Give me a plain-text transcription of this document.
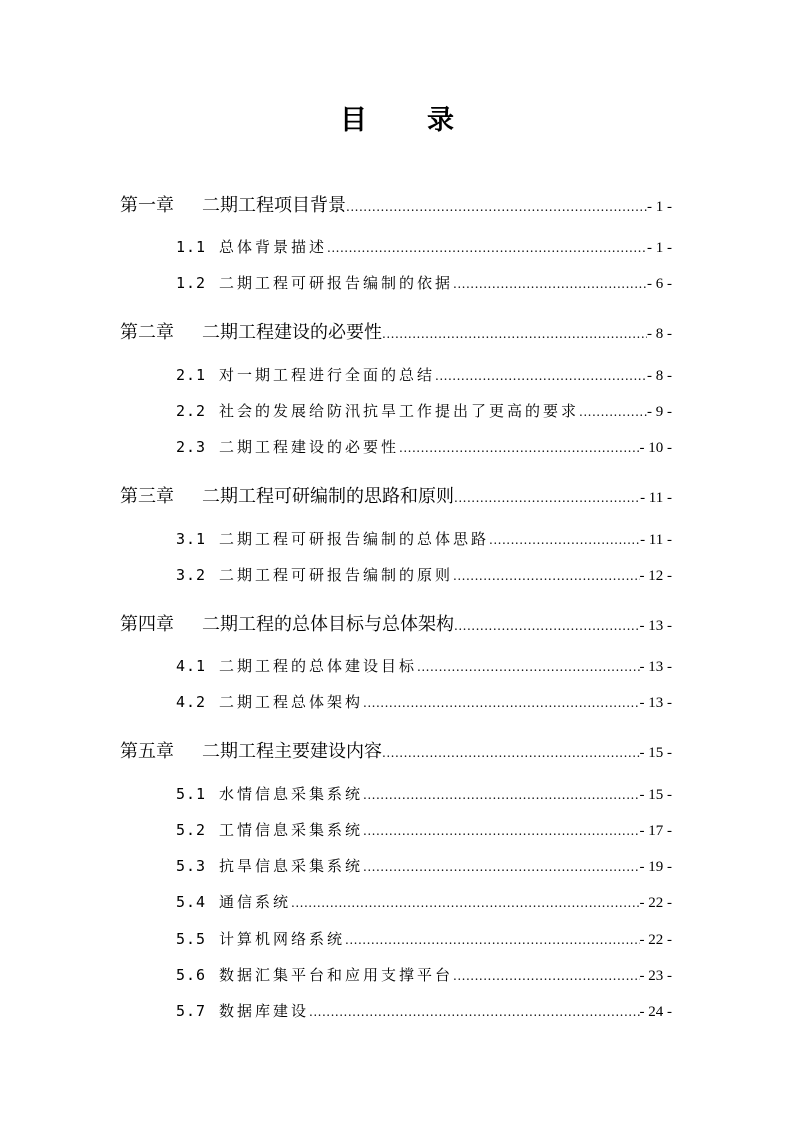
目 录
第一章	二期工程项目背景 .....	- 1 -
1.1 总体背景描述 .....	- 1 -
1.2 二期工程可研报告编制的依据 .....	- 6 -
第二章	二期工程建设的必要性 .....	- 8 -
2.1 对一期工程进行全面的总结 .....	- 8 -
2.2 社会的发展给防汛抗旱工作提出了更高的要求 .....	- 9 -
2.3 二期工程建设的必要性 .....	- 10 -
第三章	二期工程可研编制的思路和原则 .....	- 11 -
3.1 二期工程可研报告编制的总体思路 .....	- 11 -
3.2 二期工程可研报告编制的原则 .....	- 12 -
第四章	二期工程的总体目标与总体架构 .....	- 13 -
4.1 二期工程的总体建设目标 .....	- 13 -
4.2 二期工程总体架构 .....	- 13 -
第五章	二期工程主要建设内容 .....	- 15 -
5.1 水情信息采集系统 .....	- 15 -
5.2 工情信息采集系统 .....	- 17 -
5.3 抗旱信息采集系统 .....	- 19 -
5.4 通信系统 .....	- 22 -
5.5 计算机网络系统 .....	- 22 -
5.6 数据汇集平台和应用支撑平台 .....	- 23 -
5.7 数据库建设 .....	- 24 -
